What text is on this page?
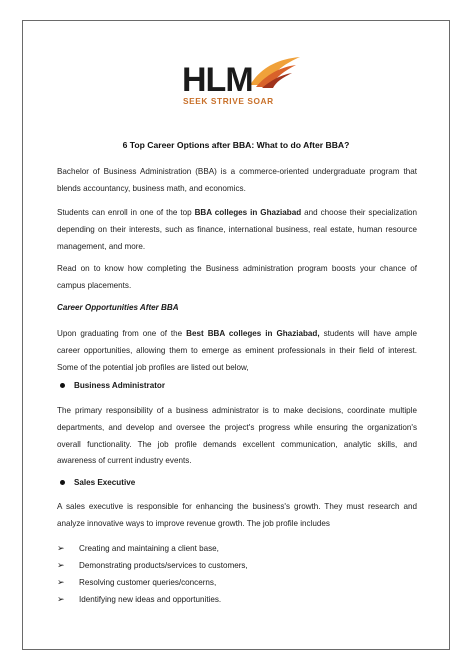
HLM
SEEK STRIVE SOAR
6 Top Career Options after BBA: What to do After BBA?

Bachelor of Business Administration (BBA) is a commerce-oriented undergraduate program that blends accountancy, business math, and economics.

Students can enroll in one of the top BBA colleges in Ghaziabad and choose their specialization depending on their interests, such as finance, international business, real estate, human resource management, and more.

Read on to know how completing the Business administration program boosts your chance of campus placements.

Career Opportunities After BBA

Upon graduating from one of the Best BBA colleges in Ghaziabad, students will have ample career opportunities, allowing them to emerge as eminent professionals in their field of interest. Some of the potential job profiles are listed out below,

Business Administrator

The primary responsibility of a business administrator is to make decisions, coordinate multiple departments, and develop and oversee the project's progress while ensuring the organization's overall functionality. The job profile demands excellent communication, analytic skills, and awareness of current industry events.

Sales Executive

A sales executive is responsible for enhancing the business's growth. They must research and analyze innovative ways to improve revenue growth. The job profile includes

➢	Creating and maintaining a client base,
➢	Demonstrating products/services to customers,
➢	Resolving customer queries/concerns,
➢	Identifying new ideas and opportunities.
